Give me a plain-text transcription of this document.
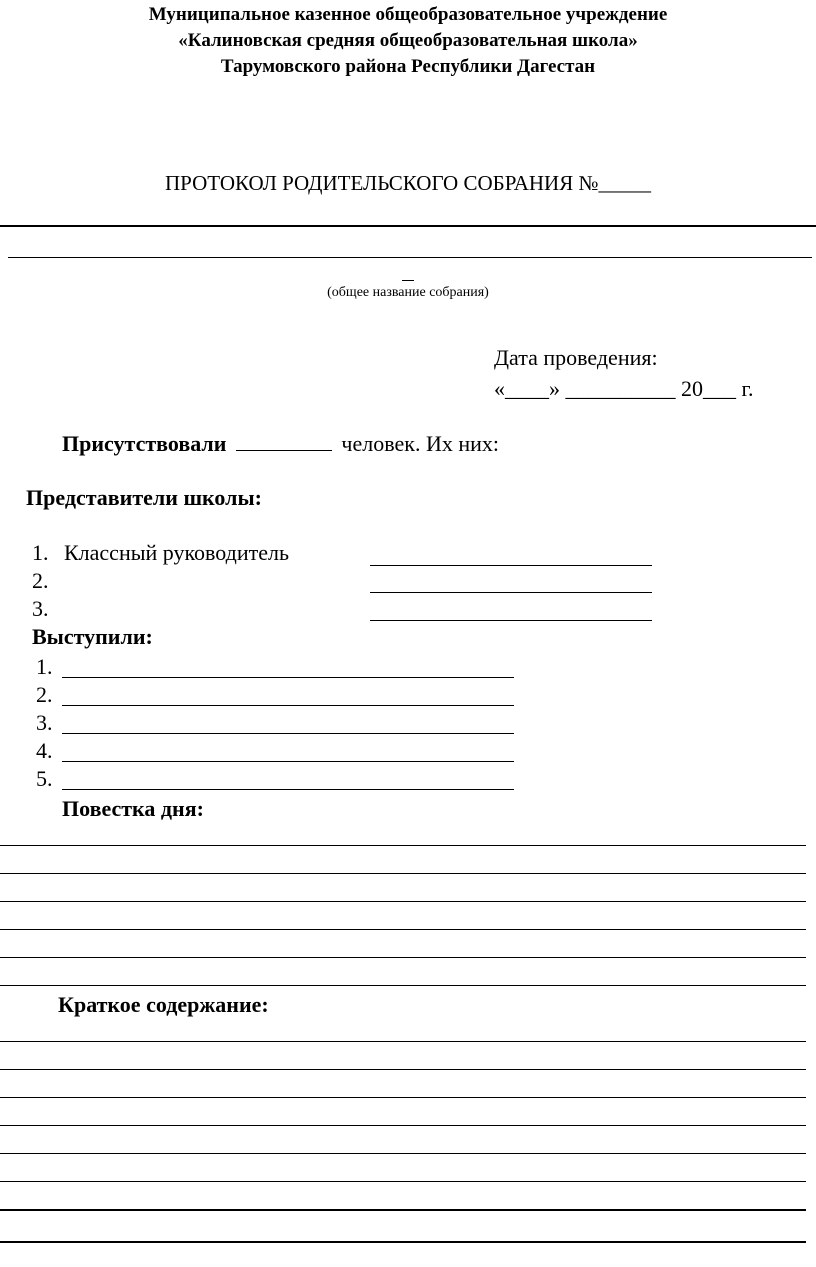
Муниципальное казенное общеобразовательное учреждение
«Калиновская средняя общеобразовательная школа»
Тарумовского района Республики Дагестан
ПРОТОКОЛ РОДИТЕЛЬСКОГО СОБРАНИЯ №_____
(общее название собрания)
Дата проведения:
«____» __________ 20___ г.
Присутствовали	человек. Их них:
Представители школы:
1. Классный руководитель
2.
3.
Выступили:
1.
2.
3.
4.
5.
Повестка дня:
Краткое содержание:
